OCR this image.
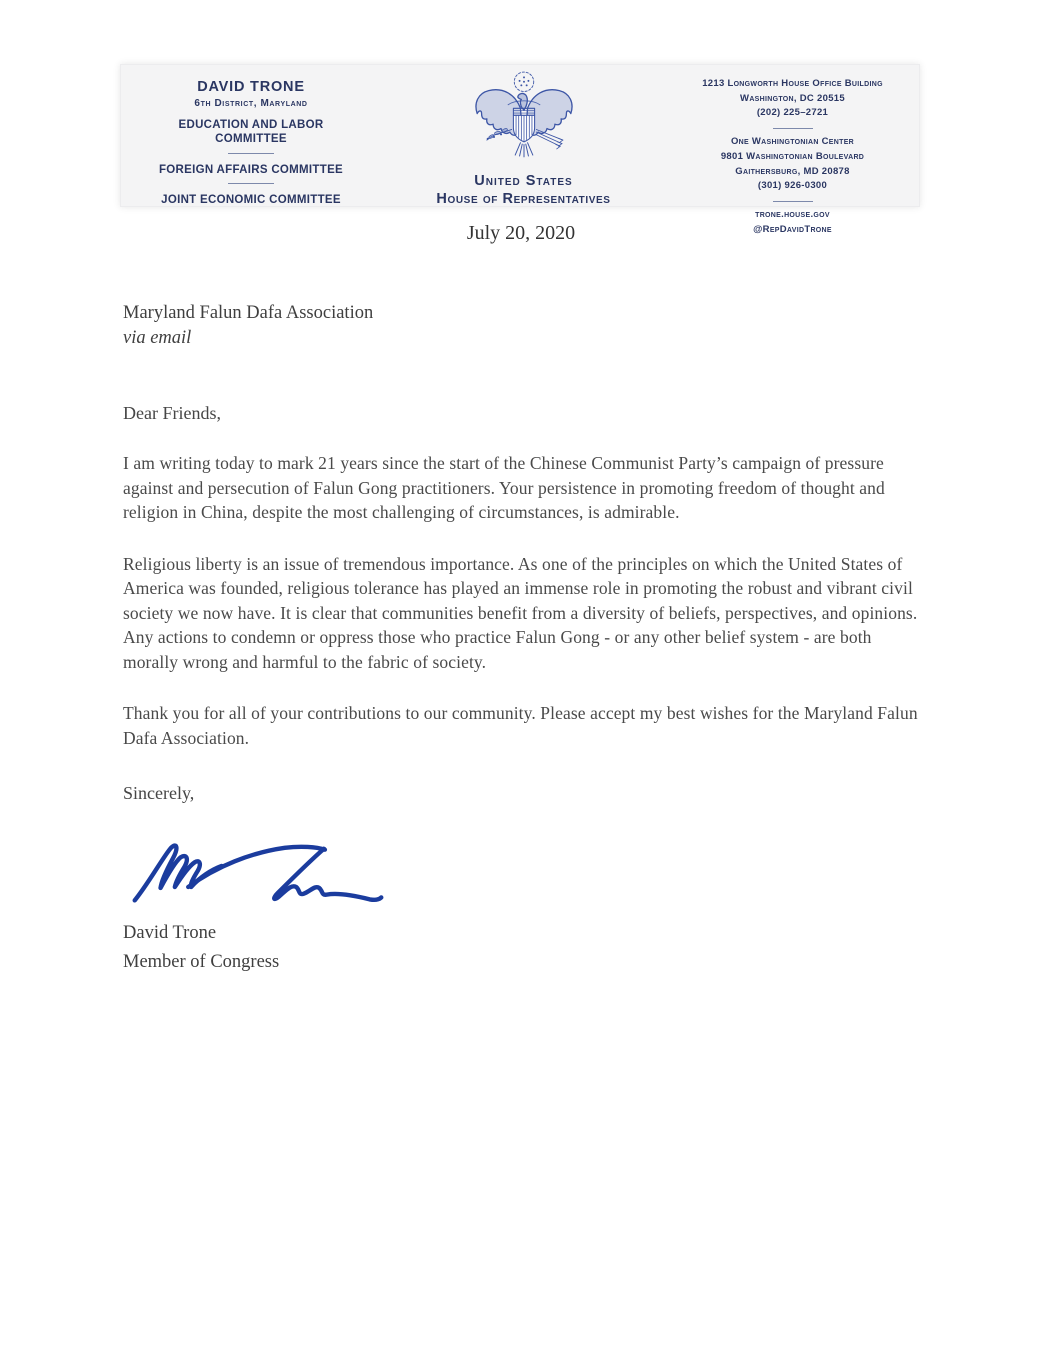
DAVID TRONE
6th District, Maryland
EDUCATION AND LABOR COMMITTEE
FOREIGN AFFAIRS COMMITTEE
JOINT ECONOMIC COMMITTEE
United States
House of Representatives
1213 Longworth House Office Building
Washington, DC 20515
(202) 225–2721
One Washingtonian Center
9801 Washingtonian Boulevard
Gaithersburg, MD 20878
(301) 926-0300
trone.house.gov
@RepDavidTrone
July 20, 2020
Maryland Falun Dafa Association
via email
Dear Friends,

I am writing today to mark 21 years since the start of the Chinese Communist Party’s campaign of pressure against and persecution of Falun Gong practitioners. Your persistence in promoting freedom of thought and religion in China, despite the most challenging of circumstances, is admirable.

Religious liberty is an issue of tremendous importance. As one of the principles on which the United States of America was founded, religious tolerance has played an immense role in promoting the robust and vibrant civil society we now have. It is clear that communities benefit from a diversity of beliefs, perspectives, and opinions. Any actions to condemn or oppress those who practice Falun Gong - or any other belief system - are both morally wrong and harmful to the fabric of society.

Thank you for all of your contributions to our community. Please accept my best wishes for the Maryland Falun Dafa Association.

Sincerely,
David Trone
Member of Congress
